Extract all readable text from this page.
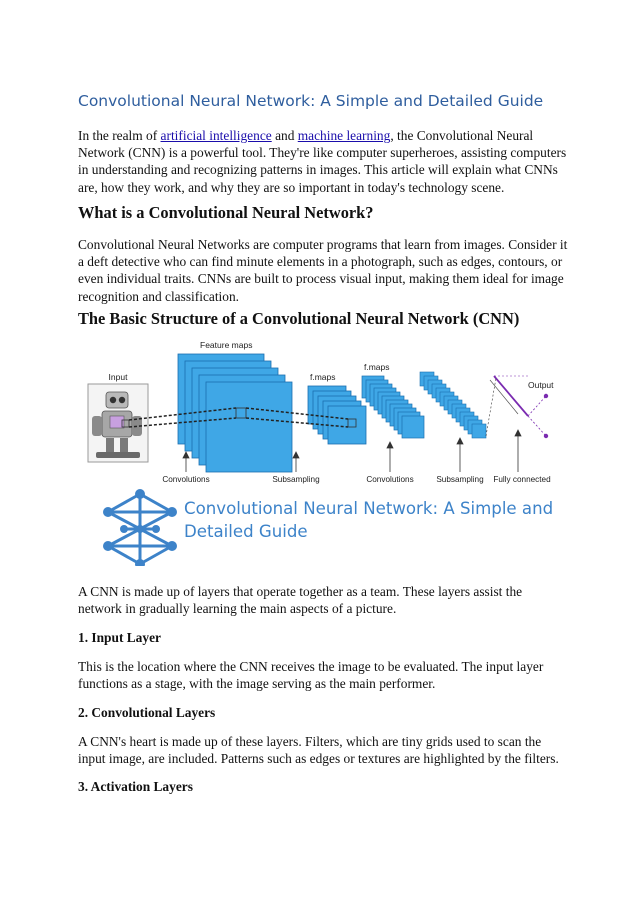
Convolutional Neural Network: A Simple and Detailed Guide
In the realm of artificial intelligence and machine learning, the Convolutional Neural Network (CNN) is a powerful tool. They're like computer superheroes, assisting computers in understanding and recognizing patterns in images. This article will explain what CNNs are, how they work, and why they are so important in today's technology scene.
What is a Convolutional Neural Network?
Convolutional Neural Networks are computer programs that learn from images. Consider it a deft detective who can find minute elements in a photograph, such as edges, contours, or even individual traits. CNNs are built to process visual input, making them ideal for image recognition and classification.
The Basic Structure of a Convolutional Neural Network (CNN)
Input
Feature maps
f.maps
f.maps
Output
Convolutions	Subsampling	Convolutions	Subsampling Fully connected
Convolutional Neural Network: A Simple and Detailed Guide
A CNN is made up of layers that operate together as a team. These layers assist the network in gradually learning the main aspects of a picture.
1. Input Layer
This is the location where the CNN receives the image to be evaluated. The input layer functions as a stage, with the image serving as the main performer.
2. Convolutional Layers
A CNN's heart is made up of these layers. Filters, which are tiny grids used to scan the input image, are included. Patterns such as edges or textures are highlighted by the filters.
3. Activation Layers
